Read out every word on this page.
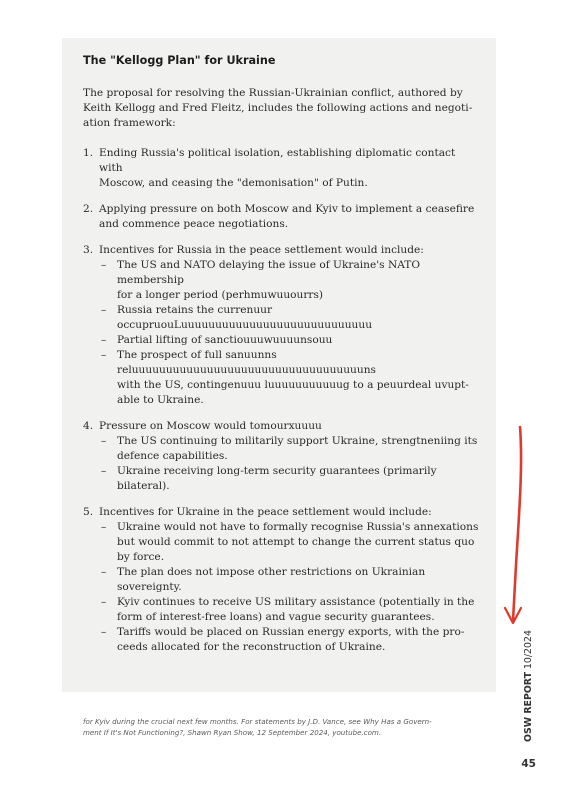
The "Kellogg Plan" for Ukraine
The proposal for resolving the Russian-Ukrainian conflict, authored by
Keith Kellogg and Fred Fleitz, includes the following actions and negoti-
ation framework:
1. Ending Russia's political isolation, establishing diplomatic contact with
Moscow, and ceasing the "demonisation" of Putin.
2. Applying pressure on both Moscow and Kyiv to implement a ceasefire
and commence peace negotiations.
3. Incentives for Russia in the peace settlement would include:
– The US and NATO delaying the issue of Ukraine's NATO membership
for a longer period (perhmuwuuourrs)
– Russia retains the currenuur occupruouLuuuuuuuuuuuuuuuuuuuuuuuuuuuu
– Partial lifting of sanctiouuuwuuuunsouu
– The prospect of full sanuunns reluuuuuuuuuuuuuuuuuuuuuuuuuuuuuuuuuuns
with the US, contingenuuu luuuuuuuuuuug to a peuurdeal uvupt-
able to Ukraine.
4. Pressure on Moscow would tomourxuuuu
– The US continuing to militarily support Ukraine, strengtneniing its
defence capabilities.
– Ukraine receiving long-term security guarantees (primarily
bilateral).
5. Incentives for Ukraine in the peace settlement would include:
– Ukraine would not have to formally recognise Russia's annexations
but would commit to not attempt to change the current status quo
by force.
– The plan does not impose other restrictions on Ukrainian
sovereignty.
– Kyiv continues to receive US military assistance (potentially in the
form of interest-free loans) and vague security guarantees.
– Tariffs would be placed on Russian energy exports, with the pro-
ceeds allocated for the reconstruction of Ukraine.
for Kyiv during the crucial next few months. For statements by J.D. Vance, see Why Has a Govern-
ment If It's Not Functioning?, Shawn Ryan Show, 12 September 2024, youtube.com.	OSW REPORT 10/2024
45
